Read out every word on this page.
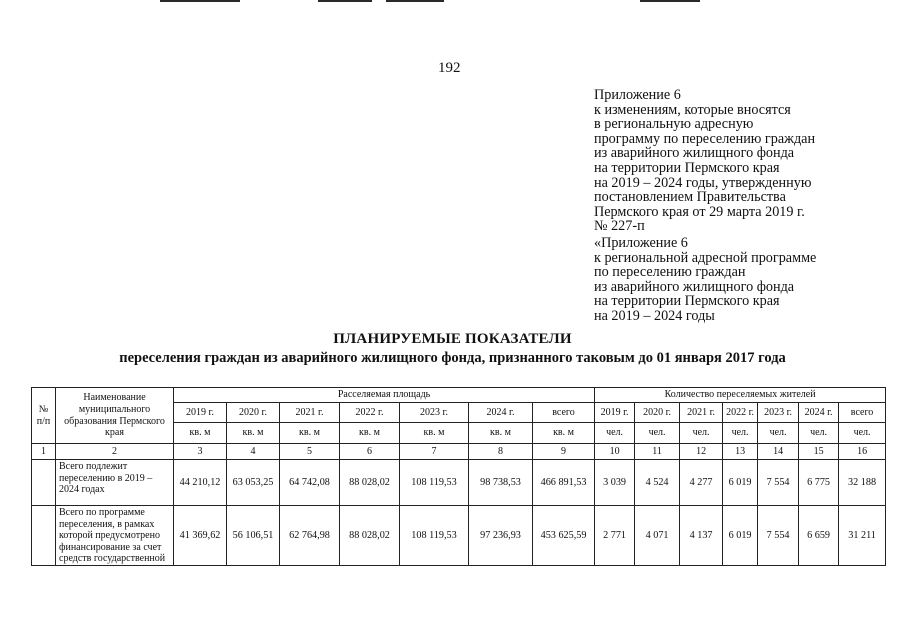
192
Приложение 6
к изменениям, которые вносятся
в региональную адресную
программу по переселению граждан
из аварийного жилищного фонда
на территории Пермского края
на 2019 – 2024 годы, утвержденную
постановлением Правительства
Пермского края от 29 марта 2019 г.
№ 227-п
«Приложение 6
к региональной адресной программе
по переселению граждан
из аварийного жилищного фонда
на территории Пермского края
на 2019 – 2024 годы
ПЛАНИРУЕМЫЕ ПОКАЗАТЕЛИ
переселения граждан из аварийного жилищного фонда, признанного таковым до 01 января 2017 года
№ п/п	Наименование муниципального образования Пермского края	Расселяемая площадь							Количество переселяемых жителей						
		2019 г.	2020 г.	2021 г.	2022 г.	2023 г.	2024 г.	всего	2019 г.	2020 г.	2021 г.	2022 г.	2023 г.	2024 г.	всего
		кв. м	кв. м	кв. м	кв. м	кв. м	кв. м	кв. м	чел.	чел.	чел.	чел.	чел.	чел.	чел.
1	2	3	4	5	6	7	8	9	10	11	12	13	14	15	16
	Всего подлежит переселению в 2019 – 2024 годах	44 210,12	63 053,25	64 742,08	88 028,02	108 119,53	98 738,53	466 891,53	3 039	4 524	4 277	6 019	7 554	6 775	32 188
	Всего по программе переселения, в рамках которой предусмотрено финансирование за счет средств государственной	41 369,62	56 106,51	62 764,98	88 028,02	108 119,53	97 236,93	453 625,59	2 771	4 071	4 137	6 019	7 554	6 659	31 211
